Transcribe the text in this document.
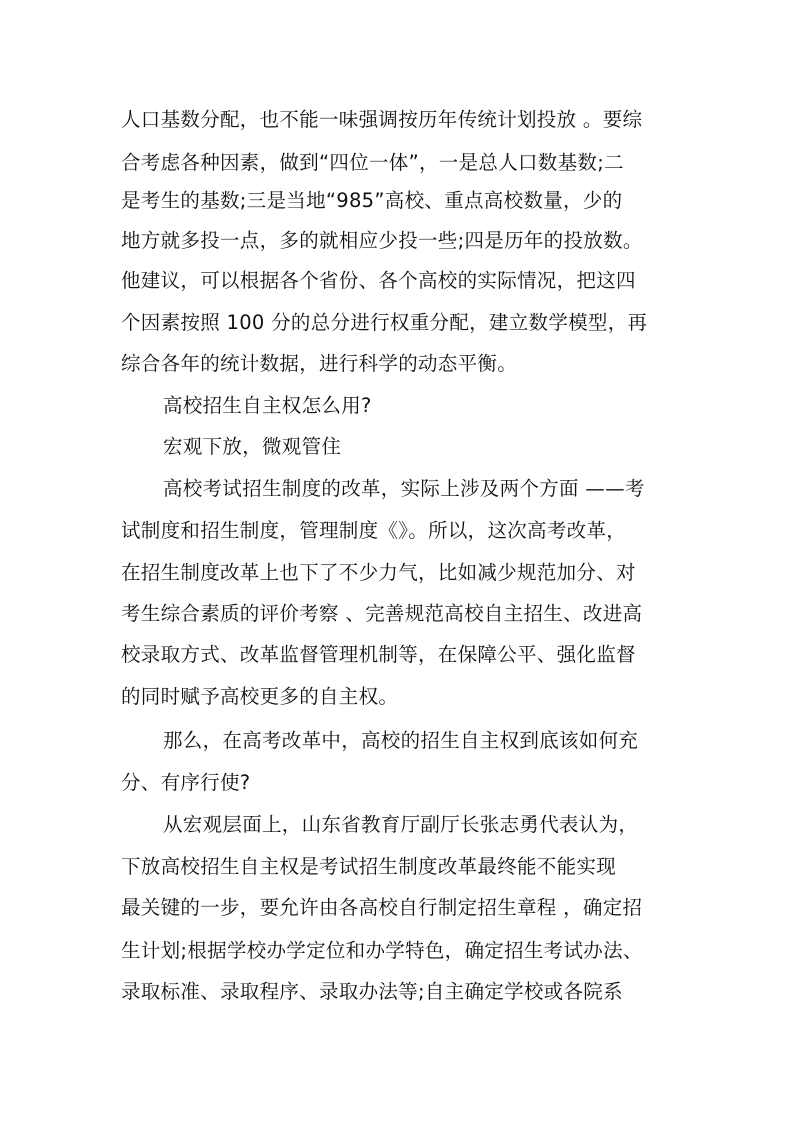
人口基数分配，也不能一味强调按历年传统计划投放 。要综
合考虑各种因素，做到“四位一体”，一是总人口数基数;二
是考生的基数;三是当地“985”高校、重点高校数量，少的
地方就多投一点，多的就相应少投一些;四是历年的投放数。
他建议，可以根据各个省份、各个高校的实际情况，把这四
个因素按照 100 分的总分进行权重分配，建立数学模型，再
综合各年的统计数据，进行科学的动态平衡。
高校招生自主权怎么用?
宏观下放，微观管住
高校考试招生制度的改革，实际上涉及两个方面 ——考
试制度和招生制度，管理制度《》。所以，这次高考改革，
在招生制度改革上也下了不少力气，比如减少规范加分、对
考生综合素质的评价考察 、完善规范高校自主招生、改进高
校录取方式、改革监督管理机制等，在保障公平、强化监督
的同时赋予高校更多的自主权。
那么，在高考改革中，高校的招生自主权到底该如何充
分、有序行使?
从宏观层面上，山东省教育厅副厅长张志勇代表认为，
下放高校招生自主权是考试招生制度改革最终能不能实现
最关键的一步，要允许由各高校自行制定招生章程 ，确定招
生计划;根据学校办学定位和办学特色，确定招生考试办法、
录取标准、录取程序、录取办法等;自主确定学校或各院系
